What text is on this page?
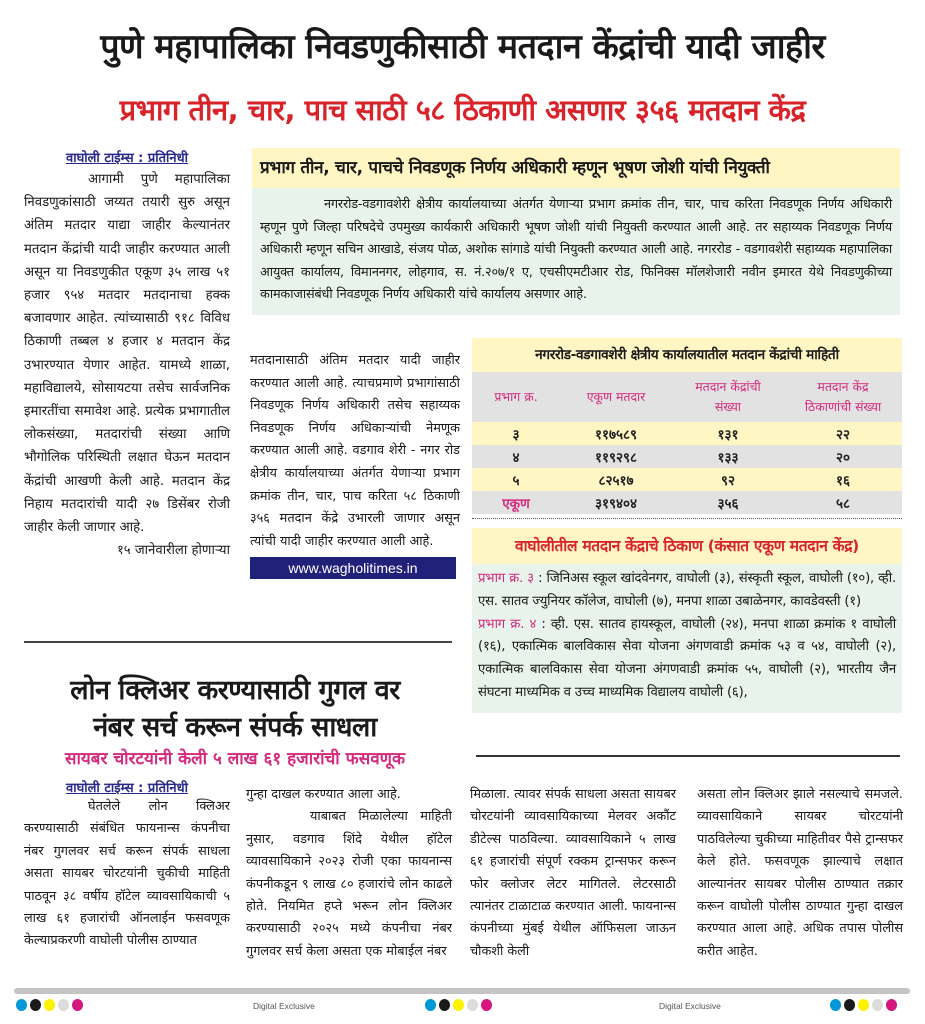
पुणे महापालिका निवडणुकीसाठी मतदान केंद्रांची यादी जाहीर
प्रभाग तीन, चार, पाच साठी ५८ ठिकाणी असणार ३५६ मतदान केंद्र
वाघोली टाईम्स : प्रतिनिधी

आगामी पुणे महापालिका निवडणुकांसाठी जय्यत तयारी सुरु असून अंतिम मतदार याद्या जाहीर केल्यानंतर मतदान केंद्रांची यादी जाहीर करण्यात आली असून या निवडणुकीत एकूण ३५ लाख ५१ हजार ९५४ मतदार मतदानाचा हक्क बजावणार आहेत. त्यांच्यासाठी ९१८ विविध ठिकाणी तब्बल ४ हजार ४ मतदान केंद्र उभारण्यात येणार आहेत. यामध्ये शाळा, महाविद्यालये, सोसायटया तसेच सार्वजनिक इमारतींचा समावेश आहे. प्रत्येक प्रभागातील लोकसंख्या, मतदारांची संख्या आणि भौगोलिक परिस्थिती लक्षात घेऊन मतदान केंद्रांची आखणी केली आहे. मतदान केंद्र निहाय मतदारांची यादी २७ डिसेंबर रोजी जाहीर केली जाणार आहे.

१५ जानेवारीला होणाऱ्या

प्रभाग तीन, चार, पाचचे निवडणूक निर्णय अधिकारी म्हणून भूषण जोशी यांची नियुक्ती

नगररोड-वडगावशेरी क्षेत्रीय कार्यालयाच्या अंतर्गत येणाऱ्या प्रभाग क्रमांक तीन, चार, पाच करिता निवडणूक निर्णय अधिकारी म्हणून पुणे जिल्हा परिषदेचे उपमुख्य कार्यकारी अधिकारी भूषण जोशी यांची नियुक्ती करण्यात आली आहे. तर सहाय्यक निवडणूक निर्णय अधिकारी म्हणून सचिन आखाडे, संजय पोळ, अशोक सांगाडे यांची नियुक्ती करण्यात आली आहे. नगररोड - वडगावशेरी सहाय्यक महापालिका आयुक्त कार्यालय, विमाननगर, लोहगाव, स. नं.२०७/१ ए, एचसीएमटीआर रोड, फिनिक्स मॉलशेजारी नवीन इमारत येथे निवडणुकीच्या कामकाजासंबंधी निवडणूक निर्णय अधिकारी यांचे कार्यालय असणार आहे.

मतदानासाठी अंतिम मतदार यादी जाहीर करण्यात आली आहे. त्याचप्रमाणे प्रभागांसाठी निवडणूक निर्णय अधिकारी तसेच सहाय्यक निवडणूक निर्णय अधिकाऱ्यांची नेमणूक करण्यात आली आहे. वडगाव शेरी - नगर रोड क्षेत्रीय कार्यालयाच्या अंतर्गत येणाऱ्या प्रभाग क्रमांक तीन, चार, पाच करिता ५८ ठिकाणी ३५६ मतदान केंद्रे उभारली जाणार असून त्यांची यादी जाहीर करण्यात आली आहे.

www.wagholitimes.in
नगररोड-वडगावशेरी क्षेत्रीय कार्यालयातील मतदान केंद्रांची माहिती
प्रभाग क्र.	एकूण मतदार	मतदान केंद्रांची संख्या	मतदान केंद्र ठिकाणांची संख्या
३	११७५८९	१३१	२२
४	११९२९८	१३३	२०
५	८२५१७	९२	१६
एकूण	३१९४०४	३५६	५८
वाघोलीतील मतदान केंद्राचे ठिकाण (कंसात एकूण मतदान केंद्र)
प्रभाग क्र. ३ : जिनिअस स्कूल खांदवेनगर, वाघोली (३), संस्कृती स्कूल, वाघोली (१०), व्ही. एस. सातव ज्युनियर कॉलेज, वाघोली (७), मनपा शाळा उबाळेनगर, कावडेवस्ती (१)
प्रभाग क्र. ४ : व्ही. एस. सातव हायस्कूल, वाघोली (२४), मनपा शाळा क्रमांक १ वाघोली (१६), एकात्मिक बालविकास सेवा योजना अंगणवाडी क्रमांक ५३ व ५४, वाघोली (२), एकात्मिक बालविकास सेवा योजना अंगणवाडी क्रमांक ५५, वाघोली (२), भारतीय जैन संघटना माध्यमिक व उच्च माध्यमिक विद्यालय वाघोली (६),
लोन क्लिअर करण्यासाठी गुगल वर
नंबर सर्च करून संपर्क साधला
सायबर चोरटयांनी केली ५ लाख ६१ हजारांची फसवणूक
वाघोली टाईम्स : प्रतिनिधी

घेतलेले लोन क्लिअर करण्यासाठी संबंधित फायनान्स कंपनीचा नंबर गुगलवर सर्च करून संपर्क साधला असता सायबर चोरटयांनी चुकीची माहिती पाठवून ३८ वर्षीय हॉटेल व्यावसायिकाची ५ लाख ६१ हजारांची ऑनलाईन फसवणूक केल्याप्रकरणी वाघोली पोलीस ठाण्यात

गुन्हा दाखल करण्यात आला आहे.

याबाबत मिळालेल्या माहिती नुसार, वडगाव शिंदे येथील हॉटेल व्यावसायिकाने २०२३ रोजी एका फायनान्स कंपनीकडून ९ लाख ८० हजारांचे लोन काढले होते. नियमित हप्ते भरून लोन क्लिअर करण्यासाठी २०२५ मध्ये कंपनीचा नंबर गुगलवर सर्च केला असता एक मोबाईल नंबर

मिळाला. त्यावर संपर्क साधला असता सायबर चोरटयांनी व्यावसायिकाच्या मेलवर अकौंट डीटेल्स पाठविल्या. व्यावसायिकाने ५ लाख ६१ हजारांची संपूर्ण रक्कम ट्रान्सफर करून फोर क्लोजर लेटर मागितले. लेटरसाठी त्यानंतर टाळाटाळ करण्यात आली. फायनान्स कंपनीच्या मुंबई येथील ऑफिसला जाऊन चौकशी केली

असता लोन क्लिअर झाले नसल्याचे समजले. व्यावसायिकाने सायबर चोरटयांनी पाठविलेल्या चुकीच्या माहितीवर पैसे ट्रान्सफर केले होते. फसवणूक झाल्याचे लक्षात आल्यानंतर सायबर पोलीस ठाण्यात तक्रार करून वाघोली पोलीस ठाण्यात गुन्हा दाखल करण्यात आला आहे. अधिक तपास पोलीस करीत आहेत.

Digital Exclusive	Digital Exclusive
